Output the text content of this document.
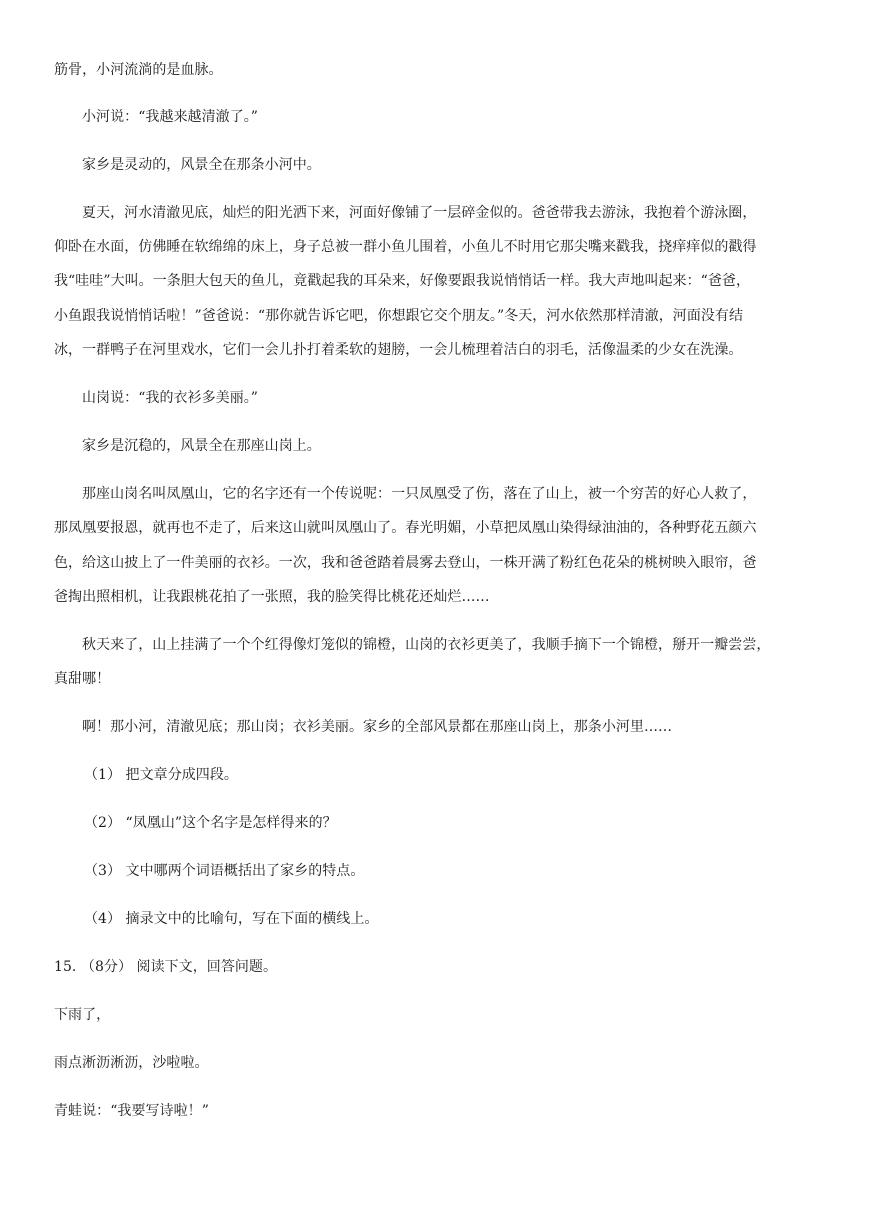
筋骨，小河流淌的是血脉。
小河说：“我越来越清澈了。”
家乡是灵动的，风景全在那条小河中。
夏天，河水清澈见底，灿烂的阳光洒下来，河面好像铺了一层碎金似的。爸爸带我去游泳，我抱着个游泳圈，
仰卧在水面，仿佛睡在软绵绵的床上，身子总被一群小鱼儿围着，小鱼儿不时用它那尖嘴来戳我，挠痒痒似的戳得
我“哇哇”大叫。一条胆大包天的鱼儿，竟戳起我的耳朵来，好像要跟我说悄悄话一样。我大声地叫起来：“爸爸，
小鱼跟我说悄悄话啦！”爸爸说：“那你就告诉它吧，你想跟它交个朋友。”冬天，河水依然那样清澈，河面没有结
冰，一群鸭子在河里戏水，它们一会儿扑打着柔软的翅膀，一会儿梳理着洁白的羽毛，活像温柔的少女在洗澡。
山岗说：“我的衣衫多美丽。”
家乡是沉稳的，风景全在那座山岗上。
那座山岗名叫凤凰山，它的名字还有一个传说呢：一只凤凰受了伤，落在了山上，被一个穷苦的好心人救了，
那凤凰要报恩，就再也不走了，后来这山就叫凤凰山了。春光明媚，小草把凤凰山染得绿油油的，各种野花五颜六
色，给这山披上了一件美丽的衣衫。一次，我和爸爸踏着晨雾去登山，一株开满了粉红色花朵的桃树映入眼帘，爸
爸掏出照相机，让我跟桃花拍了一张照，我的脸笑得比桃花还灿烂……
秋天来了，山上挂满了一个个红得像灯笼似的锦橙，山岗的衣衫更美了，我顺手摘下一个锦橙，掰开一瓣尝尝，
真甜哪！
啊！那小河，清澈见底；那山岗；衣衫美丽。家乡的全部风景都在那座山岗上，那条小河里……
（1） 把文章分成四段。
（2） “凤凰山”这个名字是怎样得来的？
（3） 文中哪两个词语概括出了家乡的特点。
（4） 摘录文中的比喻句，写在下面的横线上。
15. （8分） 阅读下文，回答问题。
下雨了，
雨点淅沥淅沥，沙啦啦。
青蛙说：“我要写诗啦！”
